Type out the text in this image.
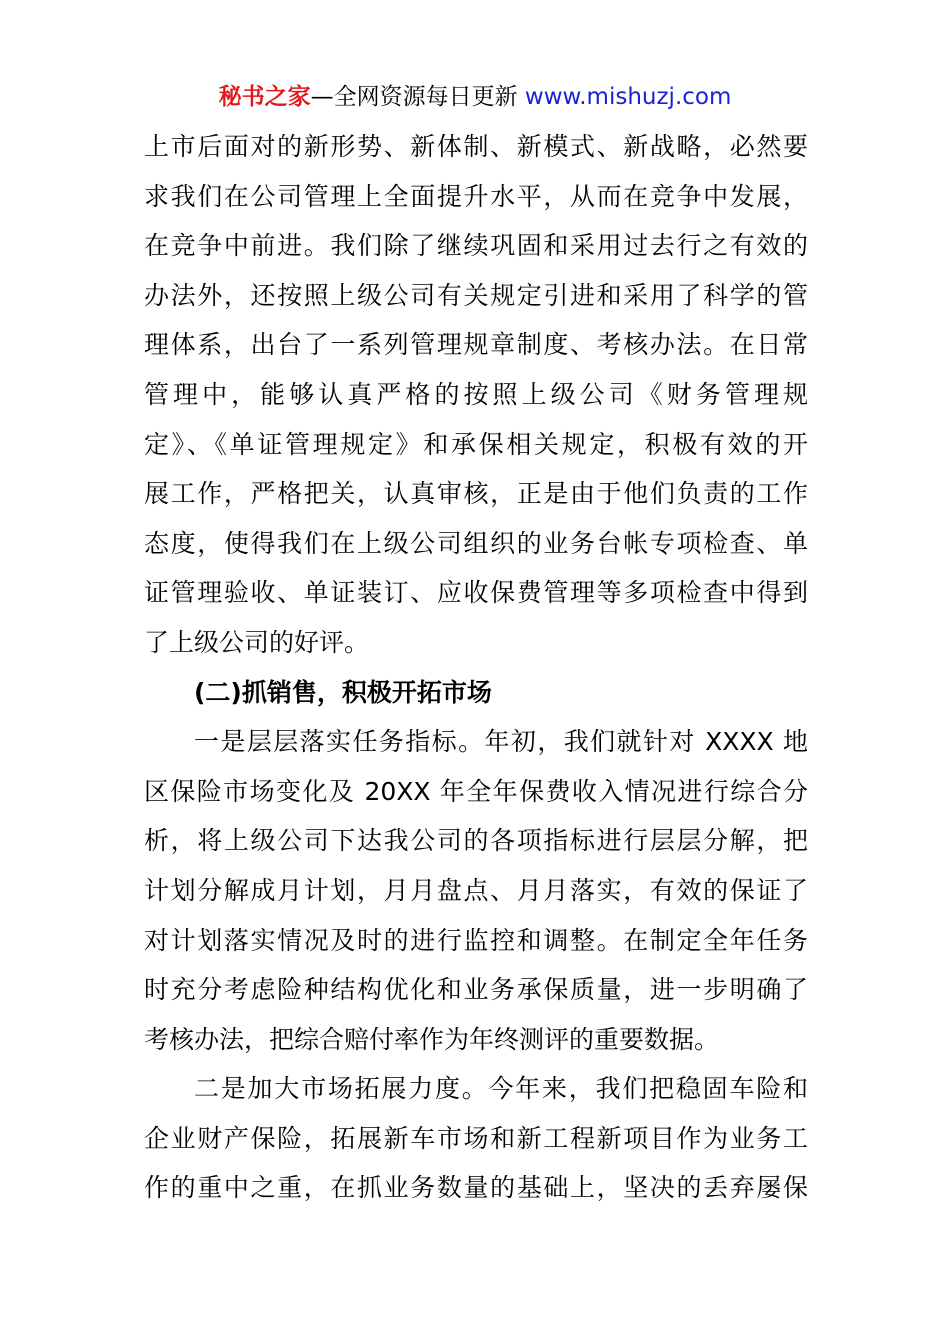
秘书之家—全网资源每日更新 www.mishuzj.com
上市后面对的新形势、新体制、新模式、新战略，必然要
求我们在公司管理上全面提升水平，从而在竞争中发展，
在竞争中前进。我们除了继续巩固和采用过去行之有效的
办法外，还按照上级公司有关规定引进和采用了科学的管
理体系，出台了一系列管理规章制度、考核办法。在日常
管理中，能够认真严格的按照上级公司《财务管理规
定》、《单证管理规定》和承保相关规定，积极有效的开
展工作，严格把关，认真审核，正是由于他们负责的工作
态度，使得我们在上级公司组织的业务台帐专项检查、单
证管理验收、单证装订、应收保费管理等多项检查中得到
了上级公司的好评。
(二)抓销售，积极开拓市场
一是层层落实任务指标。年初，我们就针对 XXXX 地
区保险市场变化及 20XX 年全年保费收入情况进行综合分
析，将上级公司下达我公司的各项指标进行层层分解，把
计划分解成月计划，月月盘点、月月落实，有效的保证了
对计划落实情况及时的进行监控和调整。在制定全年任务
时充分考虑险种结构优化和业务承保质量，进一步明确了
考核办法，把综合赔付率作为年终测评的重要数据。
二是加大市场拓展力度。今年来，我们把稳固车险和
企业财产保险，拓展新车市场和新工程新项目作为业务工
作的重中之重，在抓业务数量的基础上，坚决的丢弃屡保
